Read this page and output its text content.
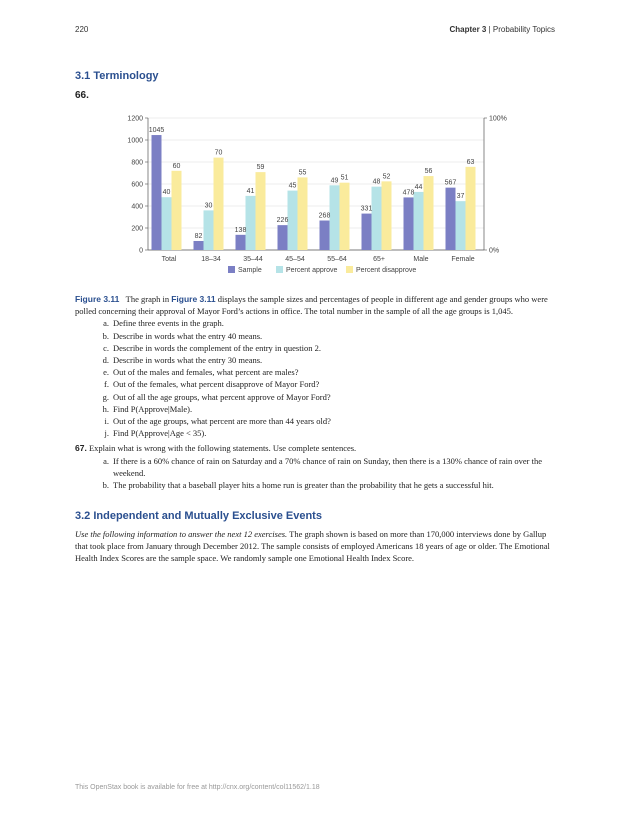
220	Chapter 3 | Probability Topics
3.1 Terminology
66.
0
200
400
600
800
1000
1200
0%
100%
1045
40
60
82
30
70
138
41
59
226
45
55
268
49 51
331
48
52
478
44
56
567
37
63
Total	18–34	35–44	45–54	55–64	65+	Male	Female
Sample	Percent approve	Percent disapprove
Figure 3.11 The graph in Figure 3.11 displays the sample sizes and percentages of people in different age and gender groups who were polled concerning their approval of Mayor Ford’s actions in office. The total number in the sample of all the age groups is 1,045.
a. Define three events in the graph.
b. Describe in words what the entry 40 means.
c. Describe in words the complement of the entry in question 2.
d. Describe in words what the entry 30 means.
e. Out of the males and females, what percent are males?
f. Out of the females, what percent disapprove of Mayor Ford?
g. Out of all the age groups, what percent approve of Mayor Ford?
h. Find P(Approve|Male).
i. Out of the age groups, what percent are more than 44 years old?
j. Find P(Approve|Age < 35).
67. Explain what is wrong with the following statements. Use complete sentences.
a. If there is a 60% chance of rain on Saturday and a 70% chance of rain on Sunday, then there is a 130% chance of rain over the weekend.
b. The probability that a baseball player hits a home run is greater than the probability that he gets a successful hit.
3.2 Independent and Mutually Exclusive Events
Use the following information to answer the next 12 exercises. The graph shown is based on more than 170,000 interviews done by Gallup that took place from January through December 2012. The sample consists of employed Americans 18 years of age or older. The Emotional Health Index Scores are the sample space. We randomly sample one Emotional Health Index Score.
This OpenStax book is available for free at http://cnx.org/content/col11562/1.18
